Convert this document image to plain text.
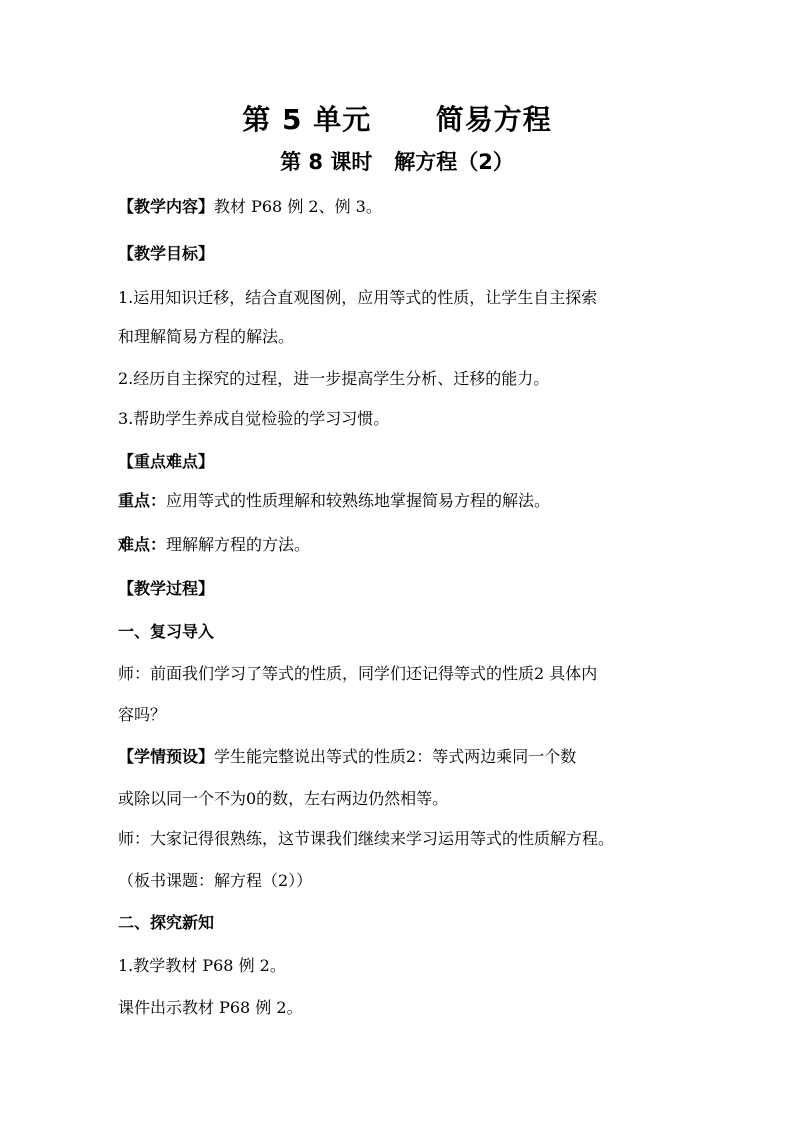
第 5 单元      简易方程
第 8 课时   解方程（2）
【教学内容】教材 P68 例 2、例 3。
【教学目标】
1.运用知识迁移，结合直观图例，应用等式的性质，让学生自主探索
和理解简易方程的解法。
2.经历自主探究的过程，进一步提高学生分析、迁移的能力。
3.帮助学生养成自觉检验的学习习惯。
【重点难点】
重点：应用等式的性质理解和较熟练地掌握简易方程的解法。
难点：理解解方程的方法。
【教学过程】
一、复习导入
师：前面我们学习了等式的性质，同学们还记得等式的性质2 具体内
容吗？
【学情预设】学生能完整说出等式的性质2：等式两边乘同一个数
或除以同一个不为0的数，左右两边仍然相等。
师：大家记得很熟练，这节课我们继续来学习运用等式的性质解方程。
（板书课题：解方程（2））
二、探究新知
1.教学教材 P68 例 2。
课件出示教材 P68 例 2。
